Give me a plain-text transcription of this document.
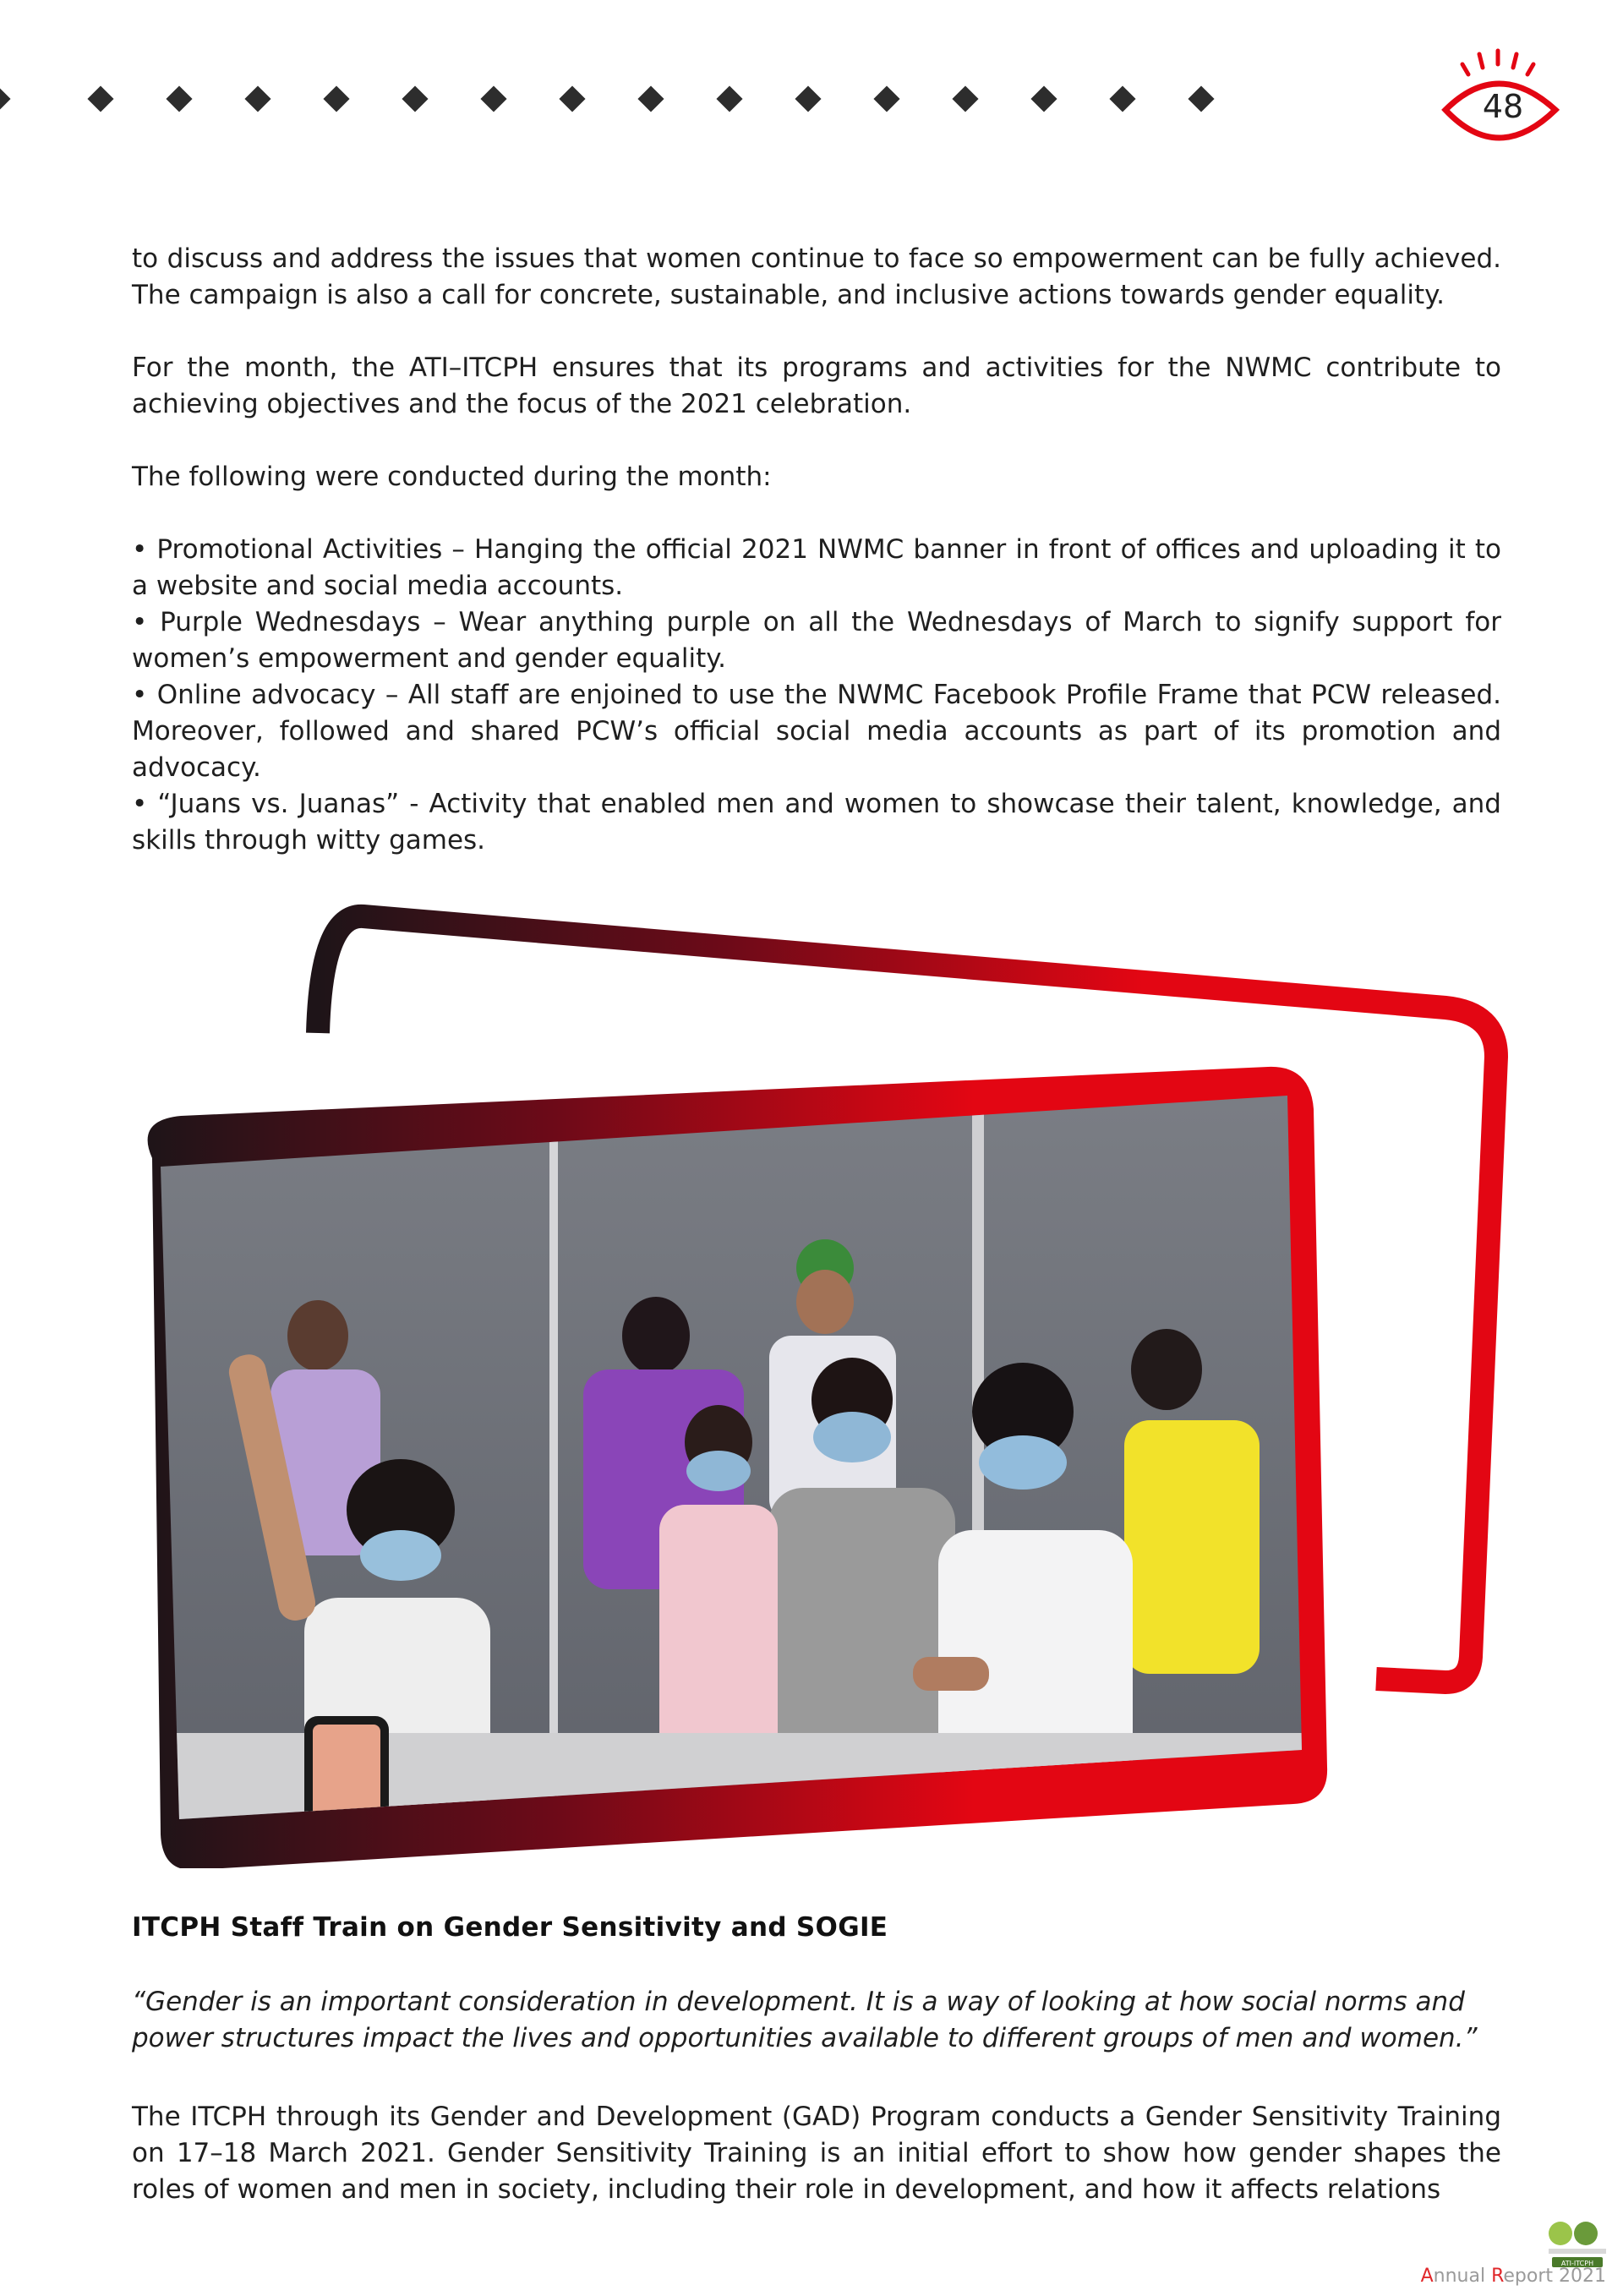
48

to discuss and address the issues that women continue to face so empowerment can be fully achieved. The campaign is also a call for concrete, sustainable, and inclusive actions towards gender equality.

For the month, the ATI–ITCPH ensures that its programs and activities for the NWMC contribute to achieving objectives and the focus of the 2021 celebration.

The following were conducted during the month:

• Promotional Activities – Hanging the official 2021 NWMC banner in front of offices and uploading it to a website and social media accounts.

• Purple Wednesdays – Wear anything purple on all the Wednesdays of March to signify support for women’s empowerment and gender equality.

• Online advocacy – All staff are enjoined to use the NWMC Facebook Profile Frame that PCW released. Moreover, followed and shared PCW’s official social media accounts as part of its promotion and advocacy.

• “Juans vs. Juanas” - Activity that enabled men and women to showcase their talent, knowledge, and skills through witty games.

ITCPH Staff Train on Gender Sensitivity and SOGIE
“Gender is an important consideration in development. It is a way of looking at how social norms and power structures impact the lives and opportunities available to different groups of men and women.”

The ITCPH through its Gender and Development (GAD) Program conducts a Gender Sensitivity Training on 17–18 March 2021. Gender Sensitivity Training is an initial effort to show how gender shapes the roles of women and men in society, including their role in development, and how it affects relations

ATI-ITCPH
Annual Report 2021
